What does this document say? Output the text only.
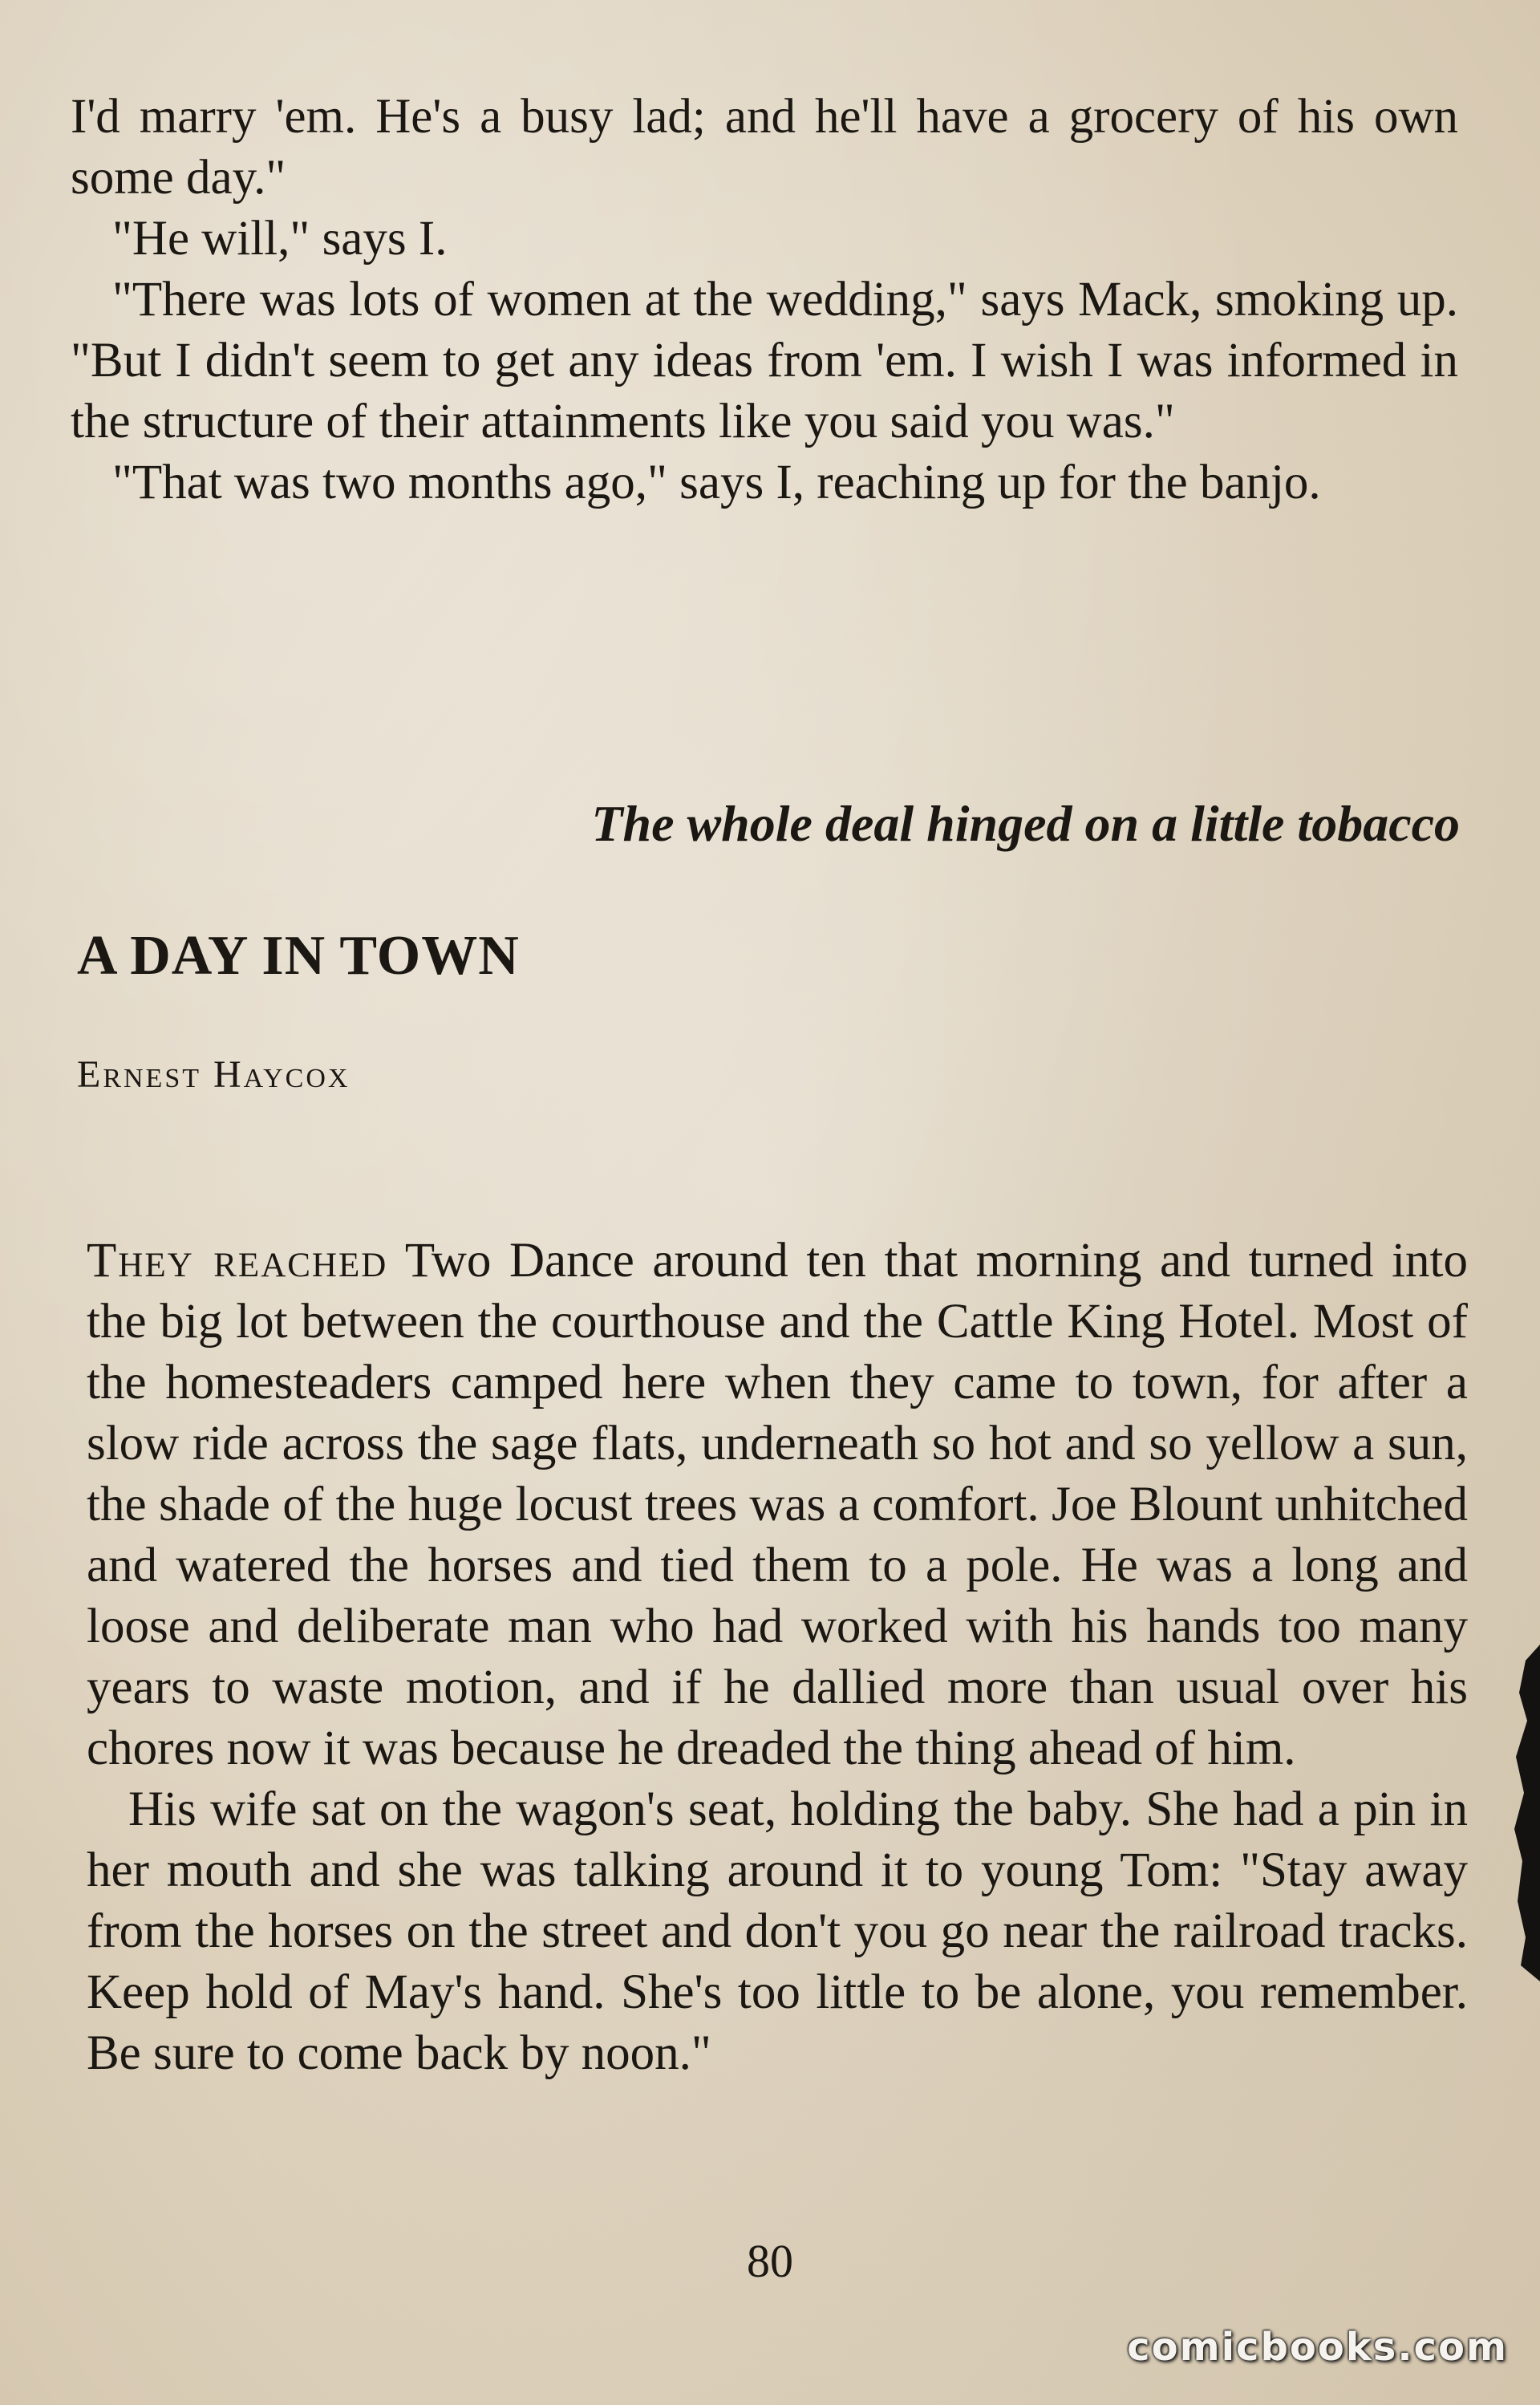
I'd marry 'em. He's a busy lad; and he'll have a grocery of his own some day."

"He will," says I.

"There was lots of women at the wedding," says Mack, smoking up. "But I didn't seem to get any ideas from 'em. I wish I was informed in the structure of their attainments like you said you was."

"That was two months ago," says I, reaching up for the banjo.

The whole deal hinged on a little tobacco
A DAY IN TOWN
Ernest Haycox

They reached Two Dance around ten that morning and turned into the big lot between the courthouse and the Cattle King Hotel. Most of the homesteaders camped here when they came to town, for after a slow ride across the sage flats, underneath so hot and so yellow a sun, the shade of the huge locust trees was a comfort. Joe Blount unhitched and watered the horses and tied them to a pole. He was a long and loose and deliberate man who had worked with his hands too many years to waste motion, and if he dallied more than usual over his chores now it was because he dreaded the thing ahead of him.

His wife sat on the wagon's seat, holding the baby. She had a pin in her mouth and she was talking around it to young Tom: "Stay away from the horses on the street and don't you go near the railroad tracks. Keep hold of May's hand. She's too little to be alone, you remember. Be sure to come back by noon."

80
comicbooks.com
